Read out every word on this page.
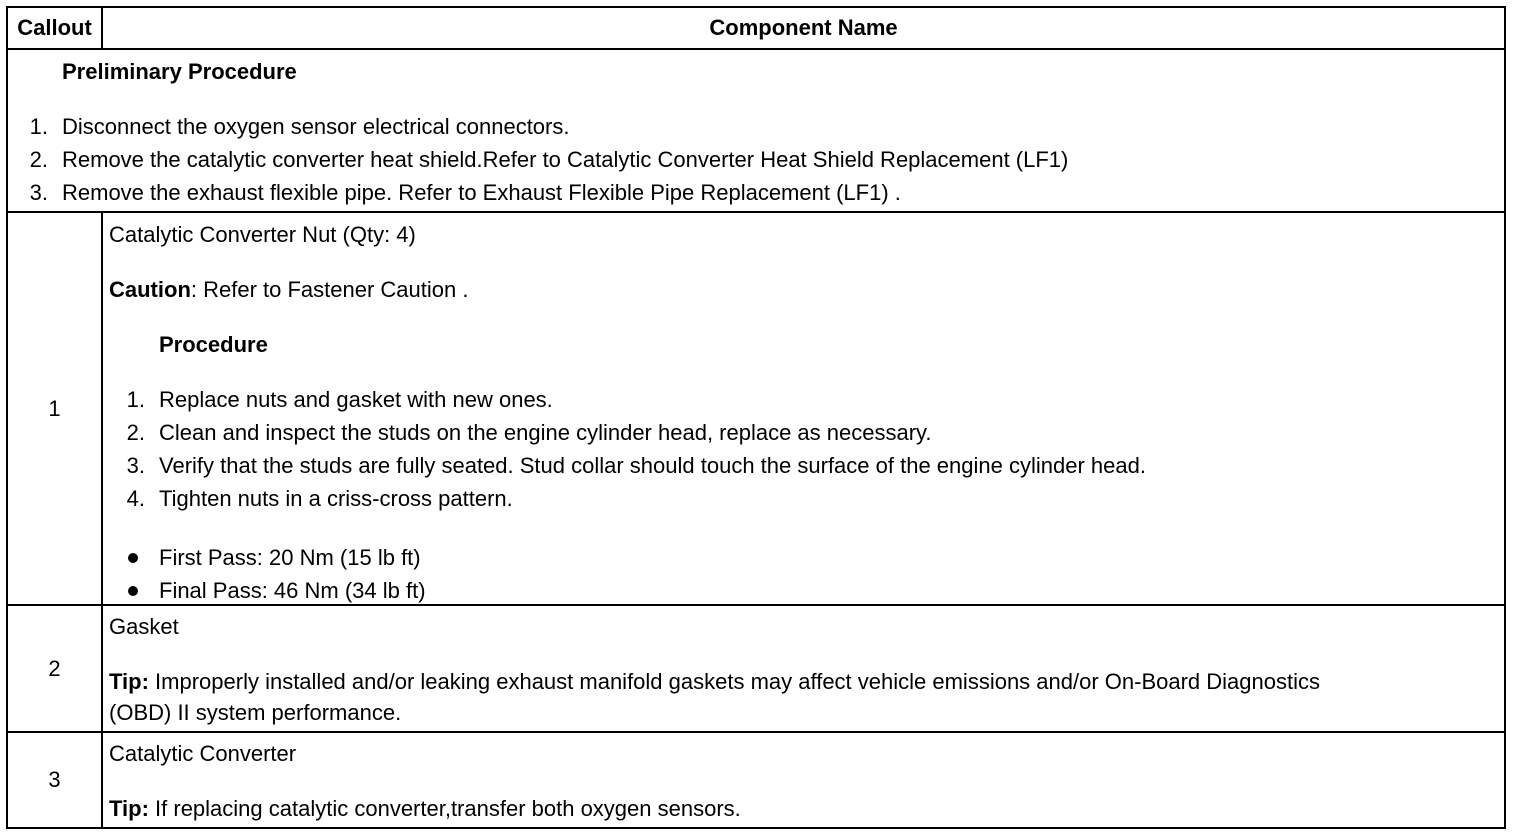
Callout	Component Name
Preliminary Procedure
1. Disconnect the oxygen sensor electrical connectors.
2. Remove the catalytic converter heat shield.Refer to Catalytic Converter Heat Shield Replacement (LF1)
3. Remove the exhaust flexible pipe. Refer to Exhaust Flexible Pipe Replacement (LF1) .
1
Catalytic Converter Nut (Qty: 4)
Caution: Refer to Fastener Caution .
Procedure
1. Replace nuts and gasket with new ones.
2. Clean and inspect the studs on the engine cylinder head, replace as necessary.
3. Verify that the studs are fully seated. Stud collar should touch the surface of the engine cylinder head.
4. Tighten nuts in a criss-cross pattern.
First Pass: 20 Nm (15 lb ft)
Final Pass: 46 Nm (34 lb ft)
2
Gasket
Tip: Improperly installed and/or leaking exhaust manifold gaskets may affect vehicle emissions and/or On-Board Diagnostics
(OBD) II system performance.
3
Catalytic Converter
Tip: If replacing catalytic converter,transfer both oxygen sensors.
